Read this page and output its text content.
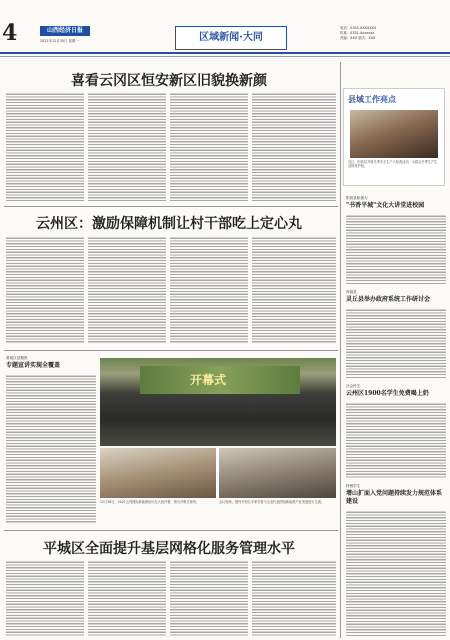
4	山西经济日报
2021年12月30日 星期一	区域新闻·大同
电话：0352-XXXXXXX
传真：0351-4xxxxxx
责编：XXX 版式：XXX
喜看云冈区恒安新区旧貌换新颜
云州区：激励保障机制让村干部吃上定心丸
要闻区县聚焦
专题宣讲实现全覆盖
开幕式
12月28日，2021云冈国际新能源论坛在大同开幕，图为开幕式现场。	会议现场，国内外知名专家学者与企业代表围绕新能源产业发展进行交流。
平城区全面提升基层网格化服务管理水平
县域工作亮点
近日，阳高县开展冬季安全生产大检查活动，为群众冬季生产生活保驾护航。
阳高县积极为
"书香平城"文化大讲堂进校园
浑源县
灵丘县举办政府系统工作研讨会
社会民生
云州区1900名学生免费喝上奶
特困学生
增山扩面入党问题持续发力规范体系建设
